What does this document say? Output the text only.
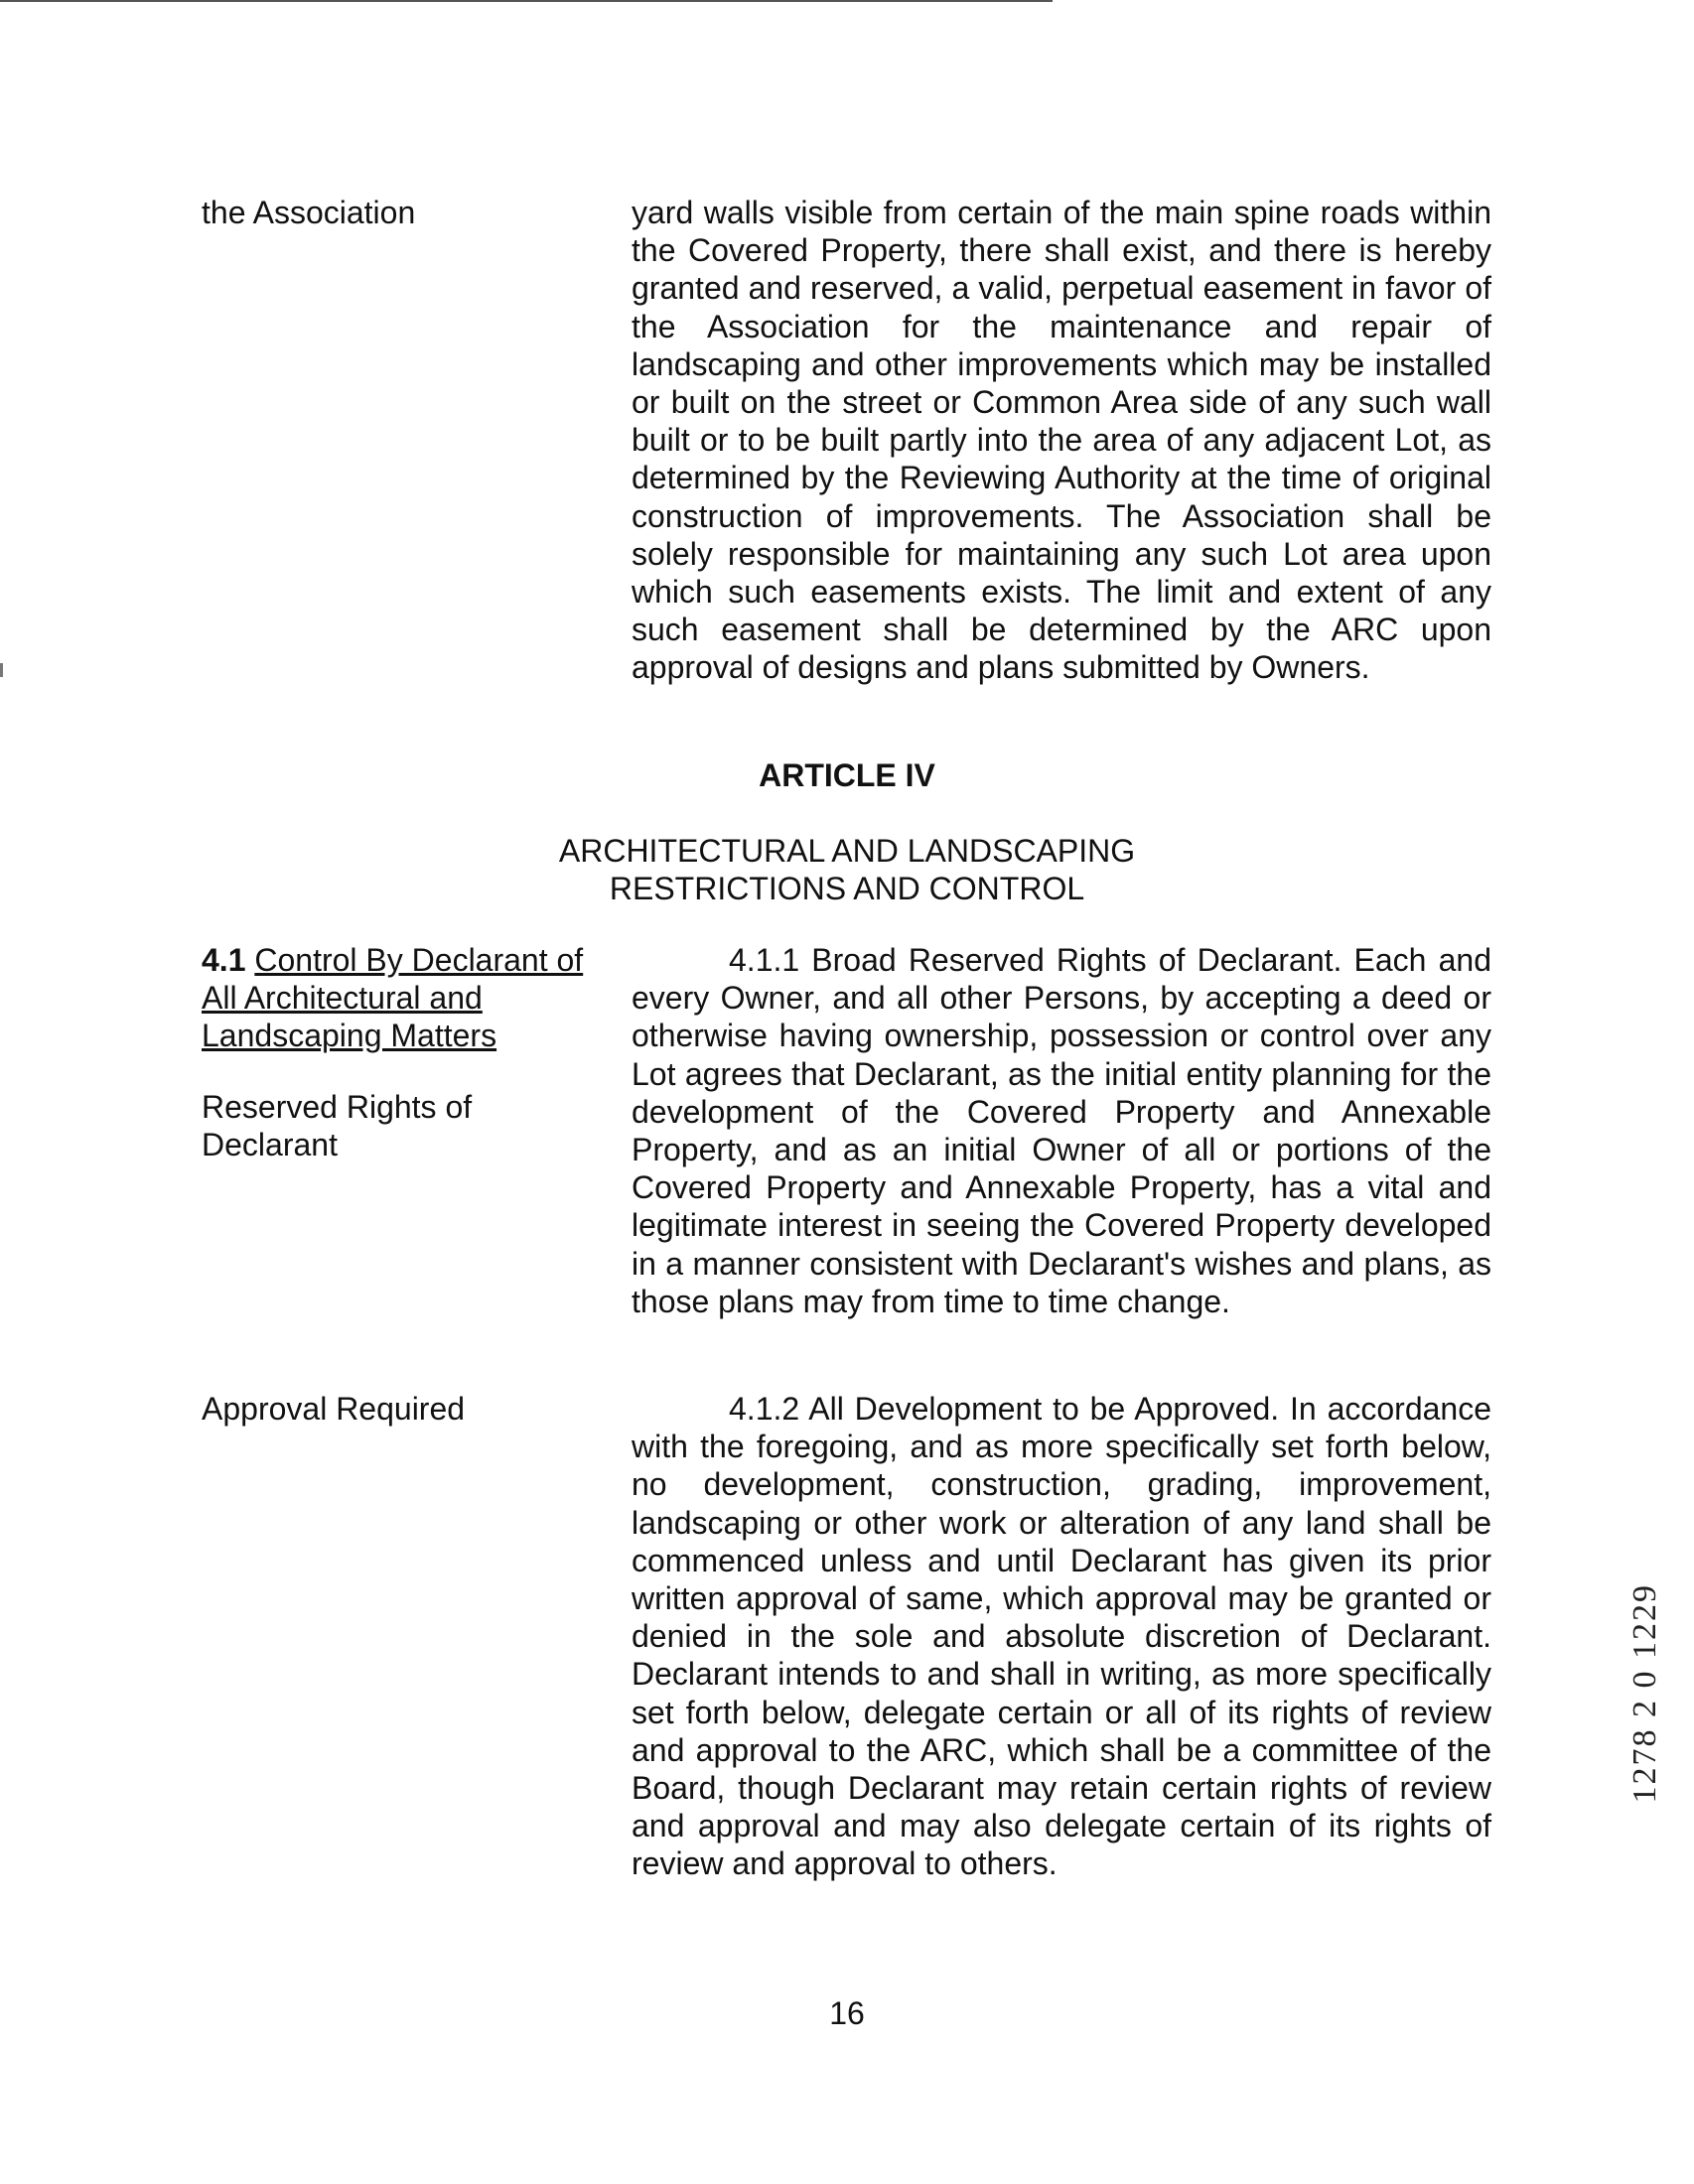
the Association	yard walls visible from certain of the main spine roads within the Covered Property, there shall exist, and there is hereby granted and reserved, a valid, perpetual easement in favor of the Association for the maintenance and repair of landscaping and other improvements which may be installed or built on the street or Common Area side of any such wall built or to be built partly into the area of any adjacent Lot, as determined by the Reviewing Authority at the time of original construction of improvements. The Association shall be solely responsible for maintaining any such Lot area upon which such easements exists. The limit and extent of any such easement shall be determined by the ARC upon approval of designs and plans submitted by Owners.
ARTICLE IV
ARCHITECTURAL AND LANDSCAPING
RESTRICTIONS AND CONTROL
4.1 Control By Declarant of
All Architectural and
Landscaping Matters
Reserved Rights of
Declarant
4.1.1 Broad Reserved Rights of Declarant. Each and every Owner, and all other Persons, by accepting a deed or otherwise having ownership, possession or control over any Lot agrees that Declarant, as the initial entity planning for the development of the Covered Property and Annexable Property, and as an initial Owner of all or portions of the Covered Property and Annexable Property, has a vital and legitimate interest in seeing the Covered Property developed in a manner consistent with Declarant's wishes and plans, as those plans may from time to time change.
Approval Required	4.1.2 All Development to be Approved. In accordance with the foregoing, and as more specifically set forth below, no development, construction, grading, improvement, landscaping or other work or alteration of any land shall be commenced unless and until Declarant has given its prior written approval of same, which approval may be granted or denied in the sole and absolute discretion of Declarant. Declarant intends to and shall in writing, as more specifically set forth below, delegate certain or all of its rights of review and approval to the ARC, which shall be a committee of the Board, though Declarant may retain certain rights of review and approval and may also delegate certain of its rights of review and approval to others.
16
1278 2 0 1229
